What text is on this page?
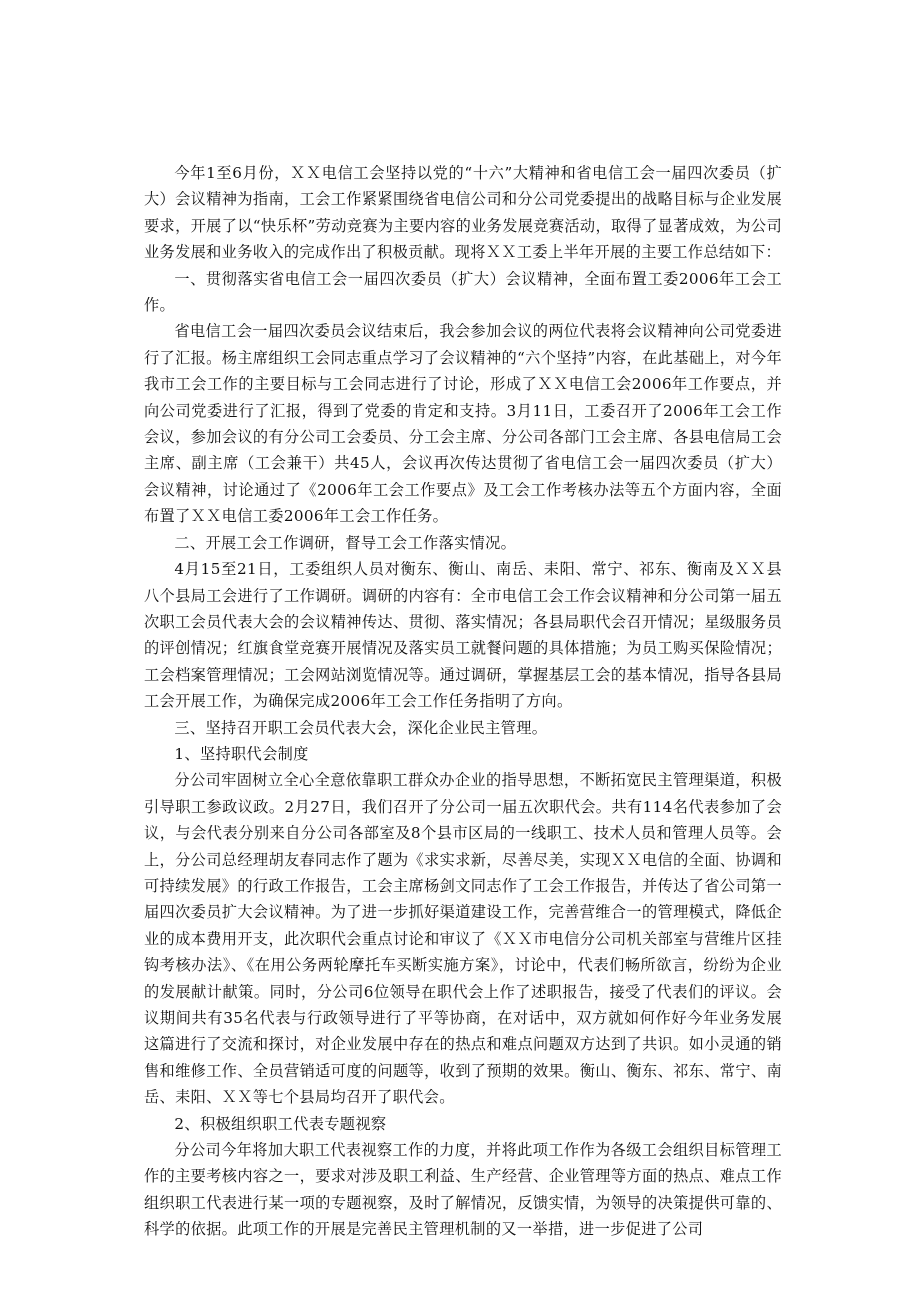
今年1至6月份，ＸＸ电信工会坚持以党的“十六”大精神和省电信工会一届四次委员（扩大）会议精神为指南，工会工作紧紧围绕省电信公司和分公司党委提出的战略目标与企业发展要求，开展了以“快乐杯”劳动竞赛为主要内容的业务发展竞赛活动，取得了显著成效，为公司业务发展和业务收入的完成作出了积极贡献。现将ＸＸ工委上半年开展的主要工作总结如下：

一、贯彻落实省电信工会一届四次委员（扩大）会议精神，全面布置工委2006年工会工作。

省电信工会一届四次委员会议结束后，我会参加会议的两位代表将会议精神向公司党委进行了汇报。杨主席组织工会同志重点学习了会议精神的“六个坚持”内容，在此基础上，对今年我市工会工作的主要目标与工会同志进行了讨论，形成了ＸＸ电信工会2006年工作要点，并向公司党委进行了汇报，得到了党委的肯定和支持。3月11日，工委召开了2006年工会工作会议，参加会议的有分公司工会委员、分工会主席、分公司各部门工会主席、各县电信局工会主席、副主席（工会兼干）共45人，会议再次传达贯彻了省电信工会一届四次委员（扩大）会议精神，讨论通过了《2006年工会工作要点》及工会工作考核办法等五个方面内容，全面布置了ＸＸ电信工委2006年工会工作任务。

二、开展工会工作调研，督导工会工作落实情况。

4月15至21日，工委组织人员对衡东、衡山、南岳、耒阳、常宁、祁东、衡南及ＸＸ县八个县局工会进行了工作调研。调研的内容有：全市电信工会工作会议精神和分公司第一届五次职工会员代表大会的会议精神传达、贯彻、落实情况；各县局职代会召开情况；星级服务员的评创情况；红旗食堂竞赛开展情况及落实员工就餐问题的具体措施；为员工购买保险情况；工会档案管理情况；工会网站浏览情况等。通过调研，掌握基层工会的基本情况，指导各县局工会开展工作，为确保完成2006年工会工作任务指明了方向。

三、坚持召开职工会员代表大会，深化企业民主管理。

1、坚持职代会制度

分公司牢固树立全心全意依靠职工群众办企业的指导思想，不断拓宽民主管理渠道，积极引导职工参政议政。2月27日，我们召开了分公司一届五次职代会。共有114名代表参加了会议，与会代表分别来自分公司各部室及8个县市区局的一线职工、技术人员和管理人员等。会上，分公司总经理胡友春同志作了题为《求实求新，尽善尽美，实现ＸＸ电信的全面、协调和可持续发展》的行政工作报告，工会主席杨剑文同志作了工会工作报告，并传达了省公司第一届四次委员扩大会议精神。为了进一步抓好渠道建设工作，完善营维合一的管理模式，降低企业的成本费用开支，此次职代会重点讨论和审议了《ＸＸ市电信分公司机关部室与营维片区挂钩考核办法》、《在用公务两轮摩托车买断实施方案》，讨论中，代表们畅所欲言，纷纷为企业的发展献计献策。同时，分公司6位领导在职代会上作了述职报告，接受了代表们的评议。会议期间共有35名代表与行政领导进行了平等协商，在对话中，双方就如何作好今年业务发展这篇进行了交流和探讨，对企业发展中存在的热点和难点问题双方达到了共识。如小灵通的销售和维修工作、全员营销适可度的问题等，收到了预期的效果。衡山、衡东、祁东、常宁、南岳、耒阳、ＸＸ等七个县局均召开了职代会。

2、积极组织职工代表专题视察

分公司今年将加大职工代表视察工作的力度，并将此项工作作为各级工会组织目标管理工作的主要考核内容之一，要求对涉及职工利益、生产经营、企业管理等方面的热点、难点工作组织职工代表进行某一项的专题视察，及时了解情况，反馈实情，为领导的决策提供可靠的、科学的依据。此项工作的开展是完善民主管理机制的又一举措，进一步促进了公司
